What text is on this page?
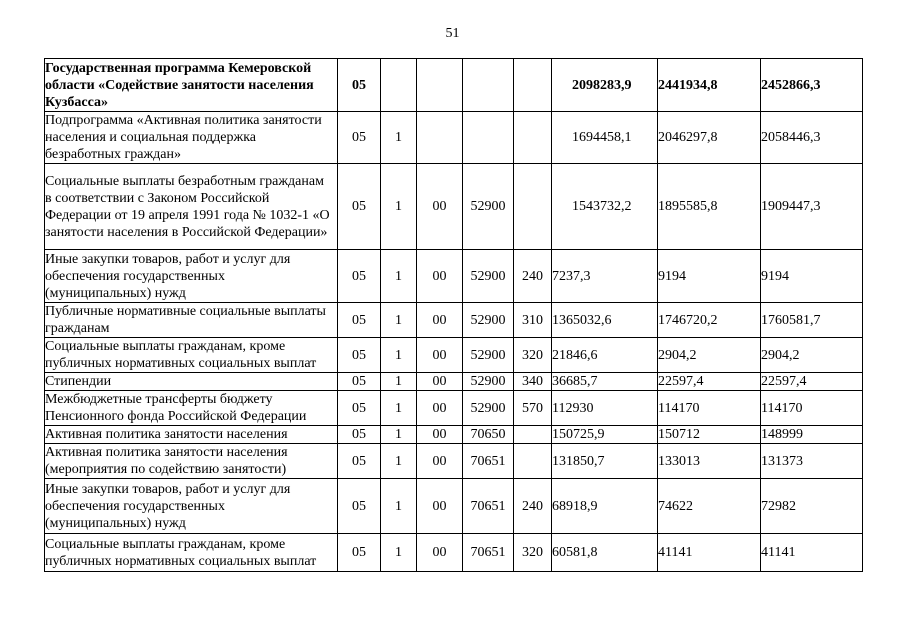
51
Государственная программа Кемеровской
области «Содействие занятости населения
Кузбасса»	05					2098283,9	2441934,8	2452866,3

Подпрограмма «Активная политика занятости
населения и социальная поддержка
безработных граждан»	05	1				1694458,1	2046297,8	2058446,3

Социальные выплаты безработным гражданам
в соответствии с Законом Российской
Федерации от 19 апреля 1991 года № 1032-1 «О
занятости населения в Российской Федерации»	05	1	00	52900		1543732,2	1895585,8	1909447,3

Иные закупки товаров, работ и услуг для
обеспечения государственных
(муниципальных) нужд	05	1	00	52900	240	7237,3	9194	9194

Публичные нормативные социальные выплаты
гражданам	05	1	00	52900	310	1365032,6	1746720,2	1760581,7

Социальные выплаты гражданам, кроме
публичных нормативных социальных выплат	05	1	00	52900	320	21846,6	2904,2	2904,2

Стипендии	05	1	00	52900	340	36685,7	22597,4	22597,4

Межбюджетные трансферты бюджету
Пенсионного фонда Российской Федерации	05	1	00	52900	570	112930	114170	114170

Активная политика занятости населения	05	1	00	70650		150725,9	150712	148999

Активная политика занятости населения
(мероприятия по содействию занятости)	05	1	00	70651		131850,7	133013	131373

Иные закупки товаров, работ и услуг для
обеспечения государственных
(муниципальных) нужд	05	1	00	70651	240	68918,9	74622	72982

Социальные выплаты гражданам, кроме
публичных нормативных социальных выплат	05	1	00	70651	320	60581,8	41141	41141
